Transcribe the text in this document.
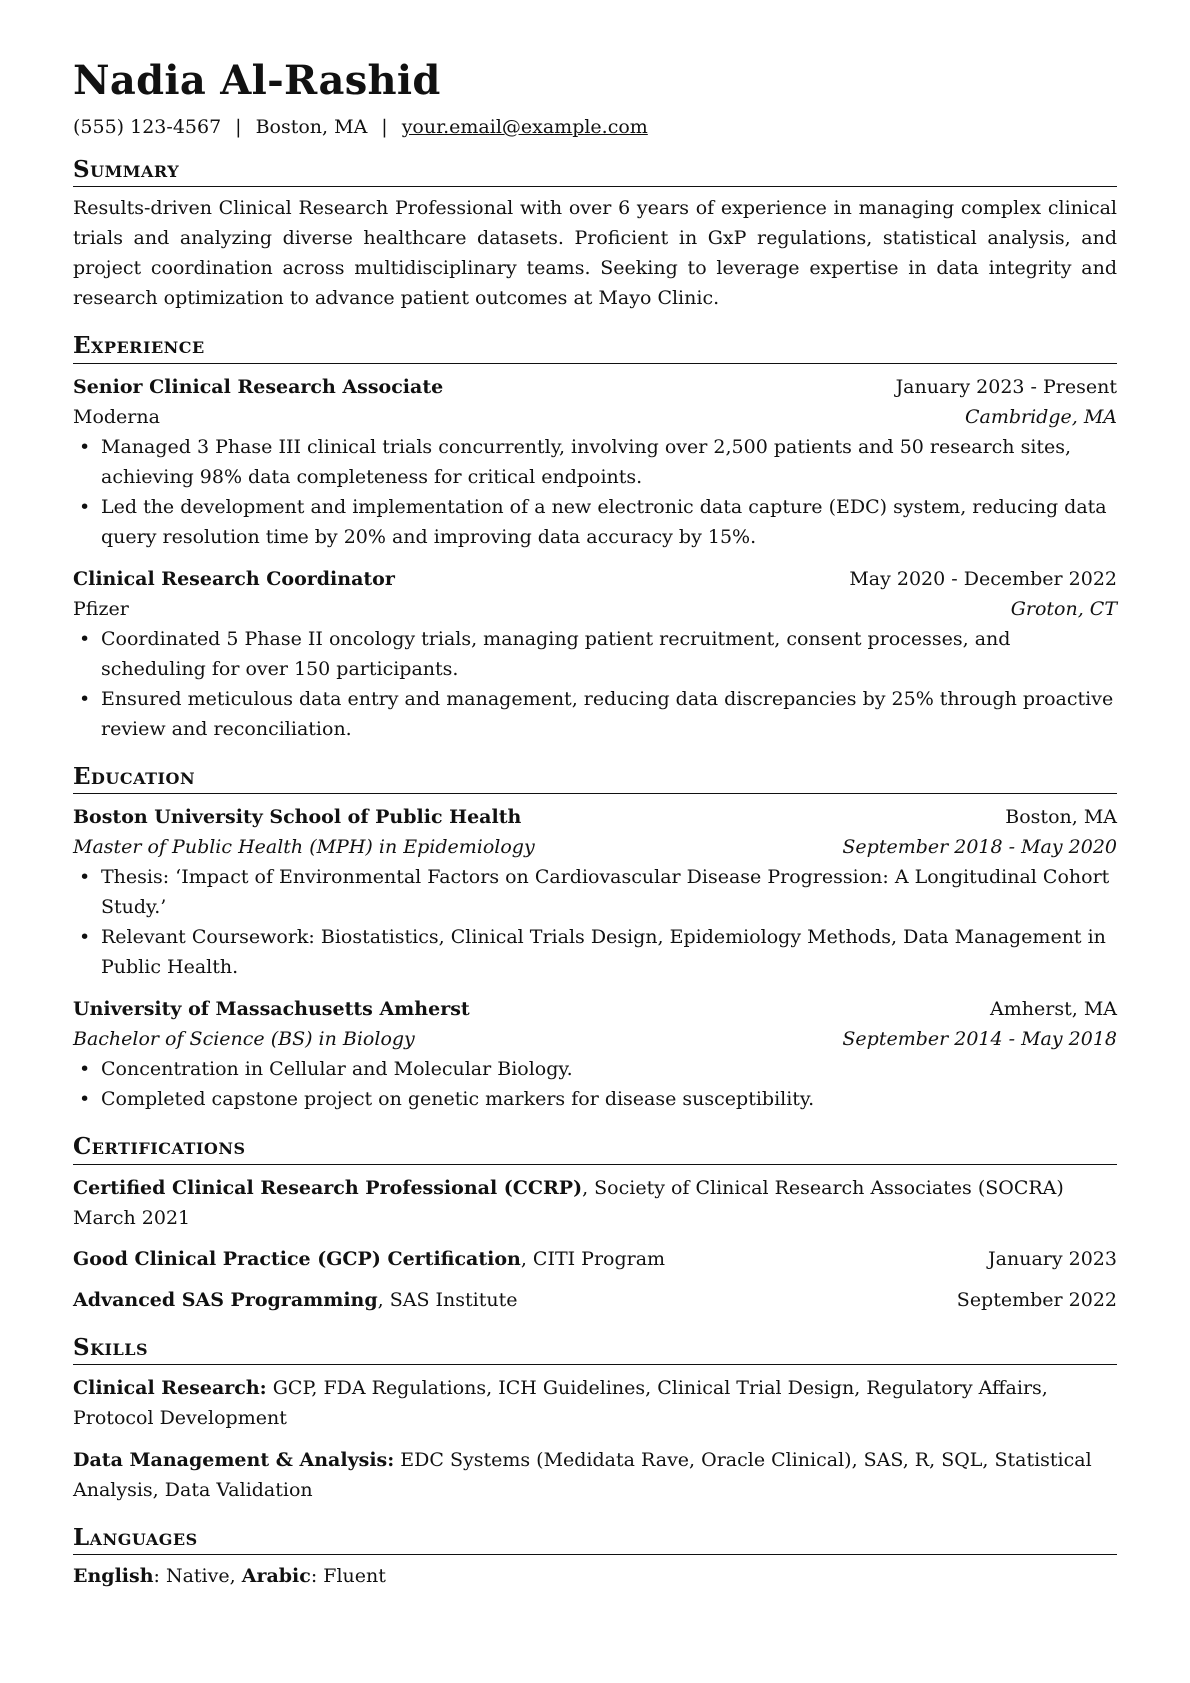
Nadia Al-Rashid
(555) 123-4567 | Boston, MA | your.email@example.com
Summary
Results-driven Clinical Research Professional with over 6 years of experience in managing complex clinical trials and analyzing diverse healthcare datasets. Proficient in GxP regulations, statistical analysis, and project coordination across multidisciplinary teams. Seeking to leverage expertise in data integrity and research optimization to advance patient outcomes at Mayo Clinic.
Experience
Senior Clinical Research Associate	January 2023 - Present
Moderna	Cambridge, MA
• Managed 3 Phase III clinical trials concurrently, involving over 2,500 patients and 50 research sites, achieving 98% data completeness for critical endpoints.
• Led the development and implementation of a new electronic data capture (EDC) system, reducing data query resolution time by 20% and improving data accuracy by 15%.
Clinical Research Coordinator	May 2020 - December 2022
Pfizer	Groton, CT
• Coordinated 5 Phase II oncology trials, managing patient recruitment, consent processes, and scheduling for over 150 participants.
• Ensured meticulous data entry and management, reducing data discrepancies by 25% through proactive review and reconciliation.
Education
Boston University School of Public Health	Boston, MA
Master of Public Health (MPH) in Epidemiology	September 2018 - May 2020
• Thesis: ‘Impact of Environmental Factors on Cardiovascular Disease Progression: A Longitudinal Cohort Study.’
• Relevant Coursework: Biostatistics, Clinical Trials Design, Epidemiology Methods, Data Management in Public Health.
University of Massachusetts Amherst	Amherst, MA
Bachelor of Science (BS) in Biology	September 2014 - May 2018
• Concentration in Cellular and Molecular Biology.
• Completed capstone project on genetic markers for disease susceptibility.
Certifications
Certified Clinical Research Professional (CCRP), Society of Clinical Research Associates (SOCRA)
March 2021
Good Clinical Practice (GCP) Certification, CITI Program	January 2023
Advanced SAS Programming, SAS Institute	September 2022
Skills
Clinical Research: GCP, FDA Regulations, ICH Guidelines, Clinical Trial Design, Regulatory Affairs, Protocol Development
Data Management & Analysis: EDC Systems (Medidata Rave, Oracle Clinical), SAS, R, SQL, Statistical Analysis, Data Validation
Languages
English: Native, Arabic: Fluent
